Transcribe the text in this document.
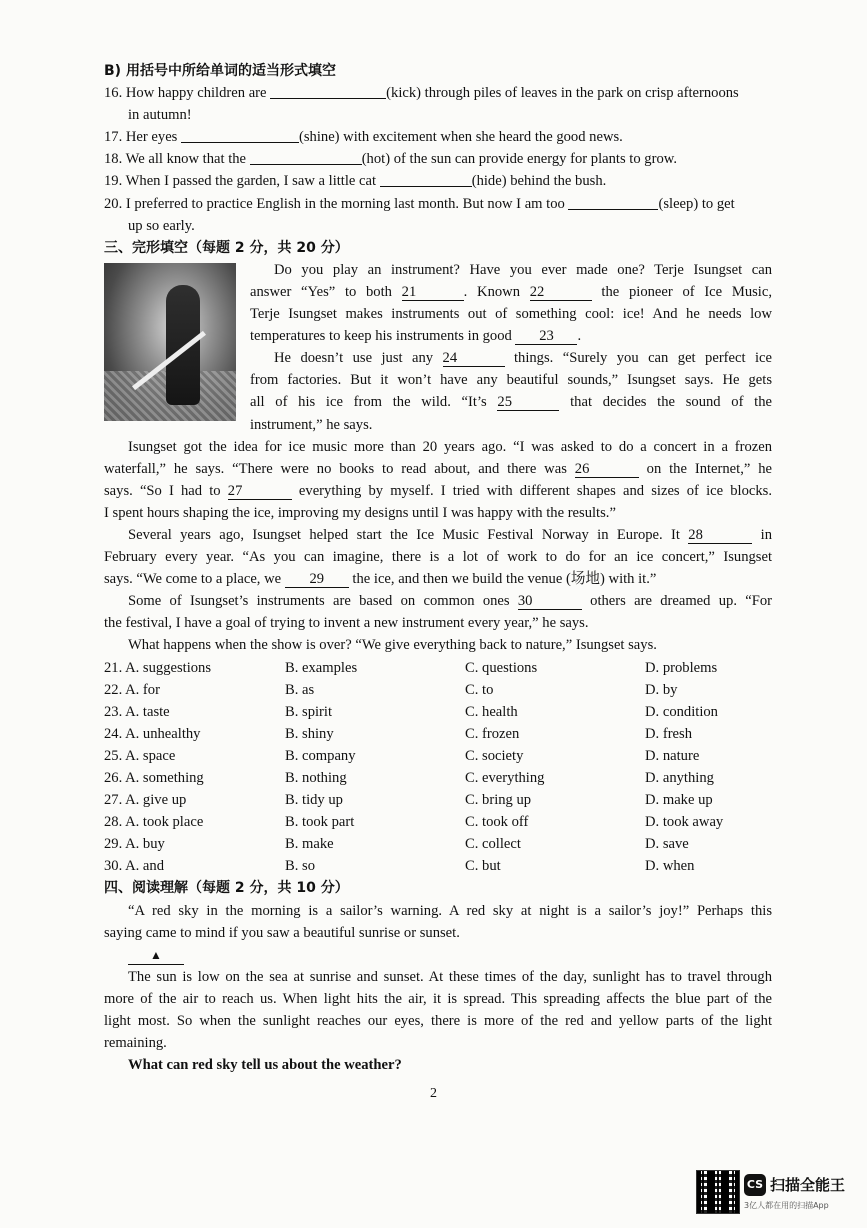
B) 用括号中所给单词的适当形式填空
16. How happy children are	(kick) through piles of leaves in the park on crisp afternoons
in autumn!
17. Her eyes	(shine) with excitement when she heard the good news.
18. We all know that the	(hot) of the sun can provide energy for plants to grow.
19. When I passed the garden, I saw a little cat	(hide) behind the bush.
20. I preferred to practice English in the morning last month. But now I am too	(sleep) to get
up so early.
三、完形填空（每题 2 分，共 20 分）
Do you play an instrument? Have you ever made one? Terje Isungset can
answer “Yes” to both 21	. Known 22	the pioneer of Ice Music,
Terje Isungset makes instruments out of something cool: ice! And he needs low
temperatures to keep his instruments in good 23 .
He doesn’t use just any 24	things. “Surely you can get perfect ice
from factories. But it won’t have any beautiful sounds,” Isungset says. He gets
all of his ice from the wild. “It’s 25	that decides the sound of the
instrument,” he says.
Isungset got the idea for ice music more than 20 years ago. “I was asked to do a concert in a frozen
waterfall,” he says. “There were no books to read about, and there was 26	on the Internet,” he
says. “So I had to 27	everything by myself. I tried with different shapes and sizes of ice blocks.
I spent hours shaping the ice, improving my designs until I was happy with the results.”
Several years ago, Isungset helped start the Ice Music Festival Norway in Europe. It 28	in
February every year. “As you can imagine, there is a lot of work to do for an ice concert,” Isungset
says. “We come to a place, we 29 the ice, and then we build the venue (场地) with it.”
Some of Isungset’s instruments are based on common ones 30	others are dreamed up. “For
the festival, I have a goal of trying to invent a new instrument every year,” he says.
What happens when the show is over? “We give everything back to nature,” Isungset says.
21. A. suggestions	B. examples	C. questions	D. problems
22. A. for	B. as	C. to	D. by
23. A. taste	B. spirit	C. health	D. condition
24. A. unhealthy	B. shiny	C. frozen	D. fresh
25. A. space	B. company	C. society	D. nature
26. A. something	B. nothing	C. everything	D. anything
27. A. give up	B. tidy up	C. bring up	D. make up
28. A. took place	B. took part	C. took off	D. took away
29. A. buy	B. make	C. collect	D. save
30. A. and	B. so	C. but	D. when
四、阅读理解（每题 2 分，共 10 分）
“A red sky in the morning is a sailor’s warning. A red sky at night is a sailor’s joy!” Perhaps this
saying came to mind if you saw a beautiful sunrise or sunset.
▲
The sun is low on the sea at sunrise and sunset. At these times of the day, sunlight has to travel through
more of the air to reach us. When light hits the air, it is spread. This spreading affects the blue part of the
light most. So when the sunlight reaches our eyes, there is more of the red and yellow parts of the light
remaining.
What can red sky tell us about the weather?
2
CS 扫描全能王
3亿人都在用的扫描App
